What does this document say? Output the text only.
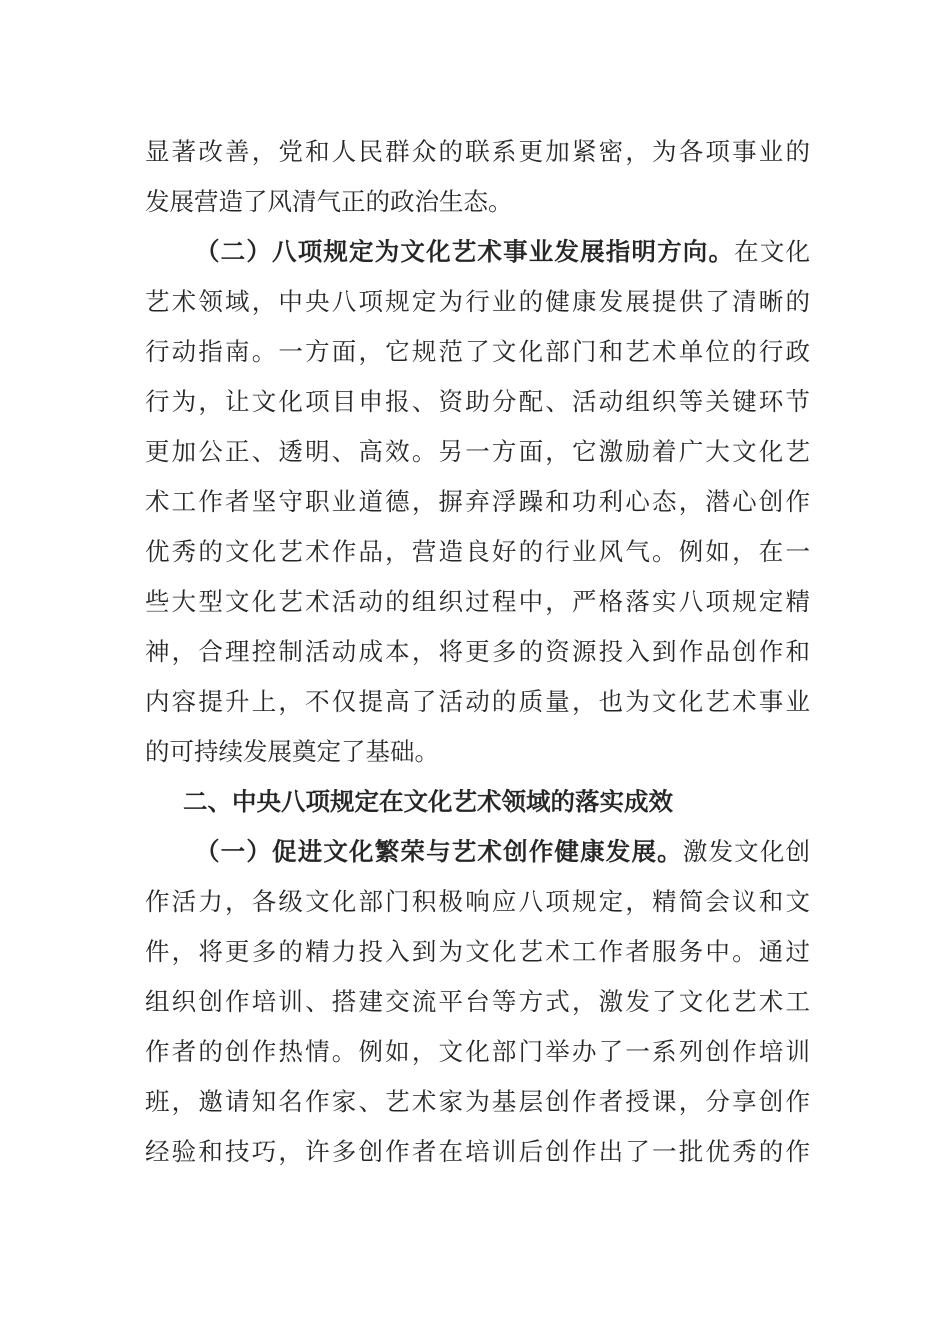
显著改善，党和人民群众的联系更加紧密，为各项事业的
发展营造了风清气正的政治生态。
（二）八项规定为文化艺术事业发展指明方向。在文化
艺术领域，中央八项规定为行业的健康发展提供了清晰的
行动指南。一方面，它规范了文化部门和艺术单位的行政
行为，让文化项目申报、资助分配、活动组织等关键环节
更加公正、透明、高效。另一方面，它激励着广大文化艺
术工作者坚守职业道德，摒弃浮躁和功利心态，潜心创作
优秀的文化艺术作品，营造良好的行业风气。例如，在一
些大型文化艺术活动的组织过程中，严格落实八项规定精
神，合理控制活动成本，将更多的资源投入到作品创作和
内容提升上，不仅提高了活动的质量，也为文化艺术事业
的可持续发展奠定了基础。
二、中央八项规定在文化艺术领域的落实成效
（一）促进文化繁荣与艺术创作健康发展。激发文化创
作活力，各级文化部门积极响应八项规定，精简会议和文
件，将更多的精力投入到为文化艺术工作者服务中。通过
组织创作培训、搭建交流平台等方式，激发了文化艺术工
作者的创作热情。例如，文化部门举办了一系列创作培训
班，邀请知名作家、艺术家为基层创作者授课，分享创作
经验和技巧，许多创作者在培训后创作出了一批优秀的作
